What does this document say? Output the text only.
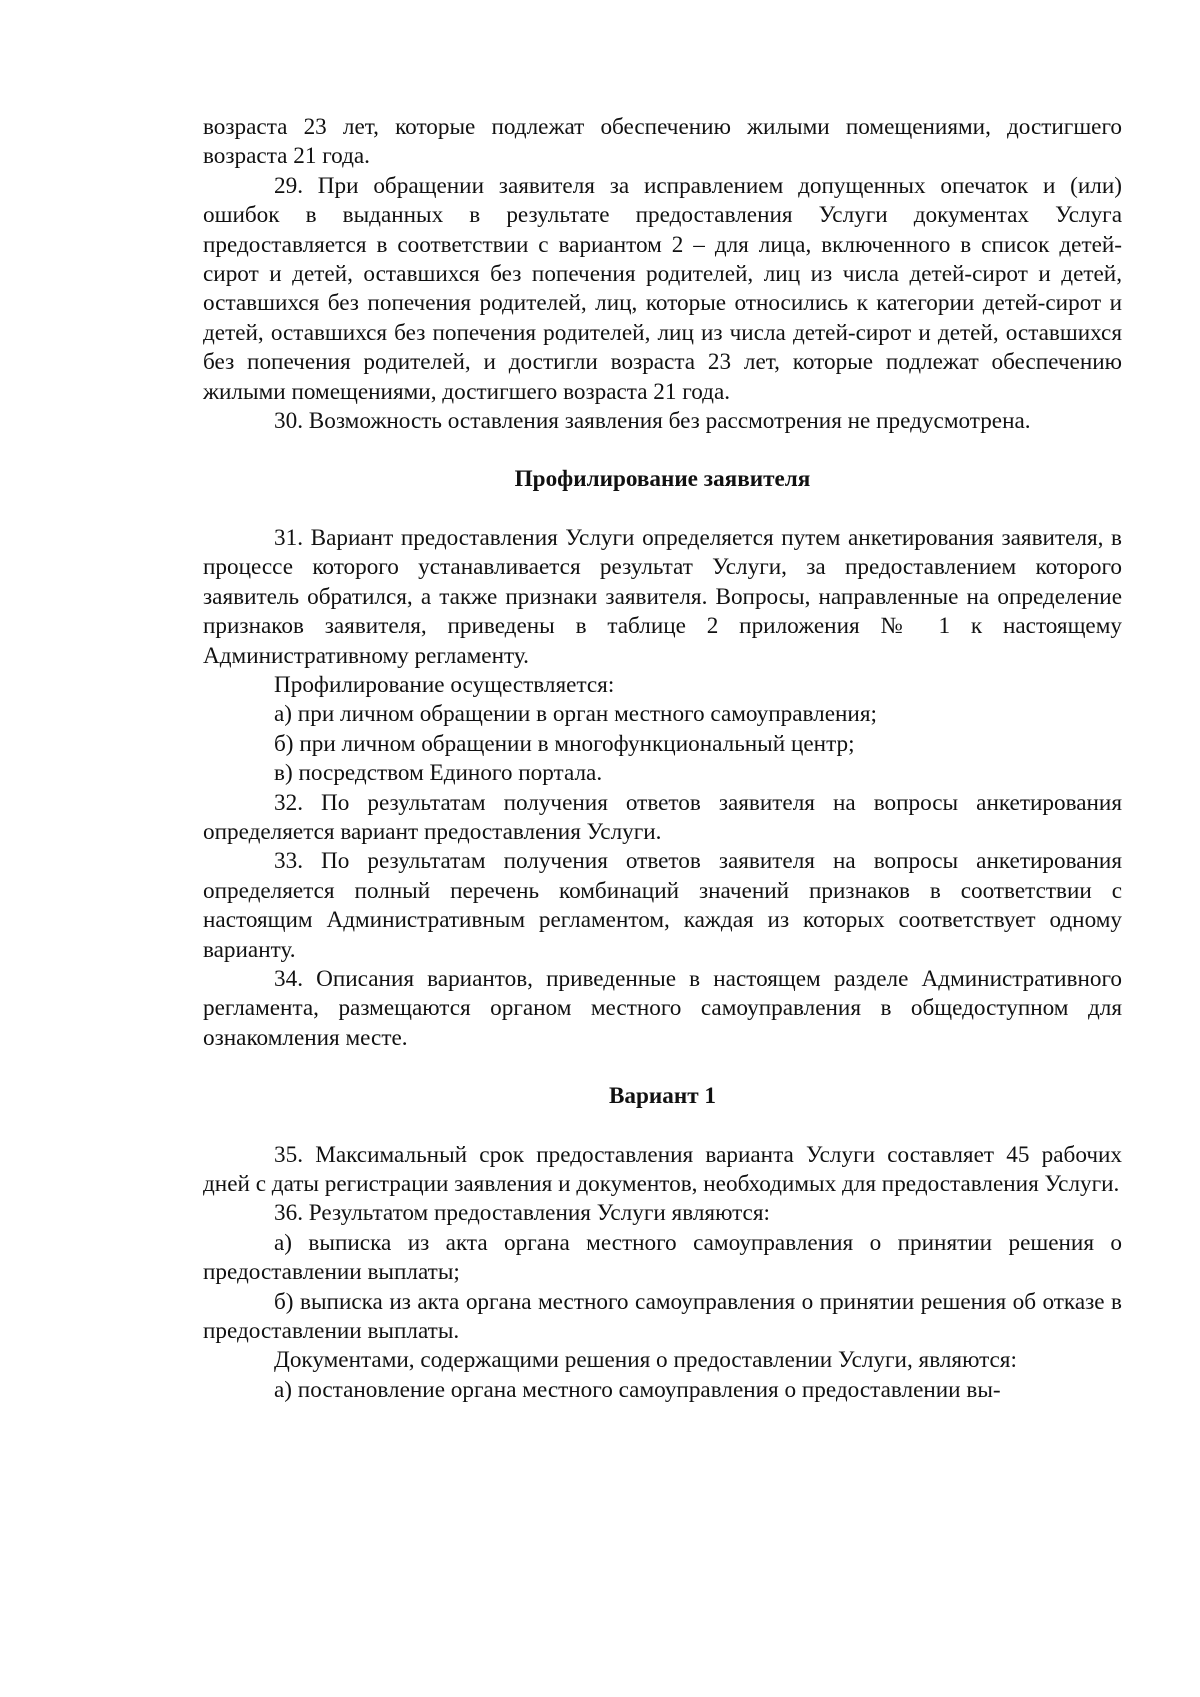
возраста 23 лет, которые подлежат обеспечению жилыми помещениями, достигшего возраста 21 года.

29. При обращении заявителя за исправлением допущенных опечаток и (или) ошибок в выданных в результате предоставления Услуги документах Услуга предоставляется в соответствии с вариантом 2 – для лица, включенного в список детей-сирот и детей, оставшихся без попечения родителей, лиц из числа детей-сирот и детей, оставшихся без попечения родителей, лиц, которые относились к категории детей-сирот и детей, оставшихся без попечения родителей, лиц из числа детей-сирот и детей, оставшихся без попечения родителей, и достигли возраста 23 лет, которые подлежат обеспечению жилыми помещениями, достигшего возраста 21 года.

30. Возможность оставления заявления без рассмотрения не предусмотрена.

Профилирование заявителя

31. Вариант предоставления Услуги определяется путем анкетирования заявителя, в процессе которого устанавливается результат Услуги, за предоставлением которого заявитель обратился, а также признаки заявителя. Вопросы, направленные на определение признаков заявителя, приведены в таблице 2 приложения № 1 к настоящему Административному регламенту.

Профилирование осуществляется:

а) при личном обращении в орган местного самоуправления;

б) при личном обращении в многофункциональный центр;

в) посредством Единого портала.

32. По результатам получения ответов заявителя на вопросы анкетирования определяется вариант предоставления Услуги.

33. По результатам получения ответов заявителя на вопросы анкетирования определяется полный перечень комбинаций значений признаков в соответствии с настоящим Административным регламентом, каждая из которых соответствует одному варианту.

34. Описания вариантов, приведенные в настоящем разделе Административного регламента, размещаются органом местного самоуправления в общедоступном для ознакомления месте.

Вариант 1

35. Максимальный срок предоставления варианта Услуги составляет 45 рабочих дней с даты регистрации заявления и документов, необходимых для предоставления Услуги.

36. Результатом предоставления Услуги являются:

а) выписка из акта органа местного самоуправления о принятии решения о предоставлении выплаты;

б) выписка из акта органа местного самоуправления о принятии решения об отказе в предоставлении выплаты.

Документами, содержащими решения о предоставлении Услуги, являются:

а) постановление органа местного самоуправления о предоставлении вы-
